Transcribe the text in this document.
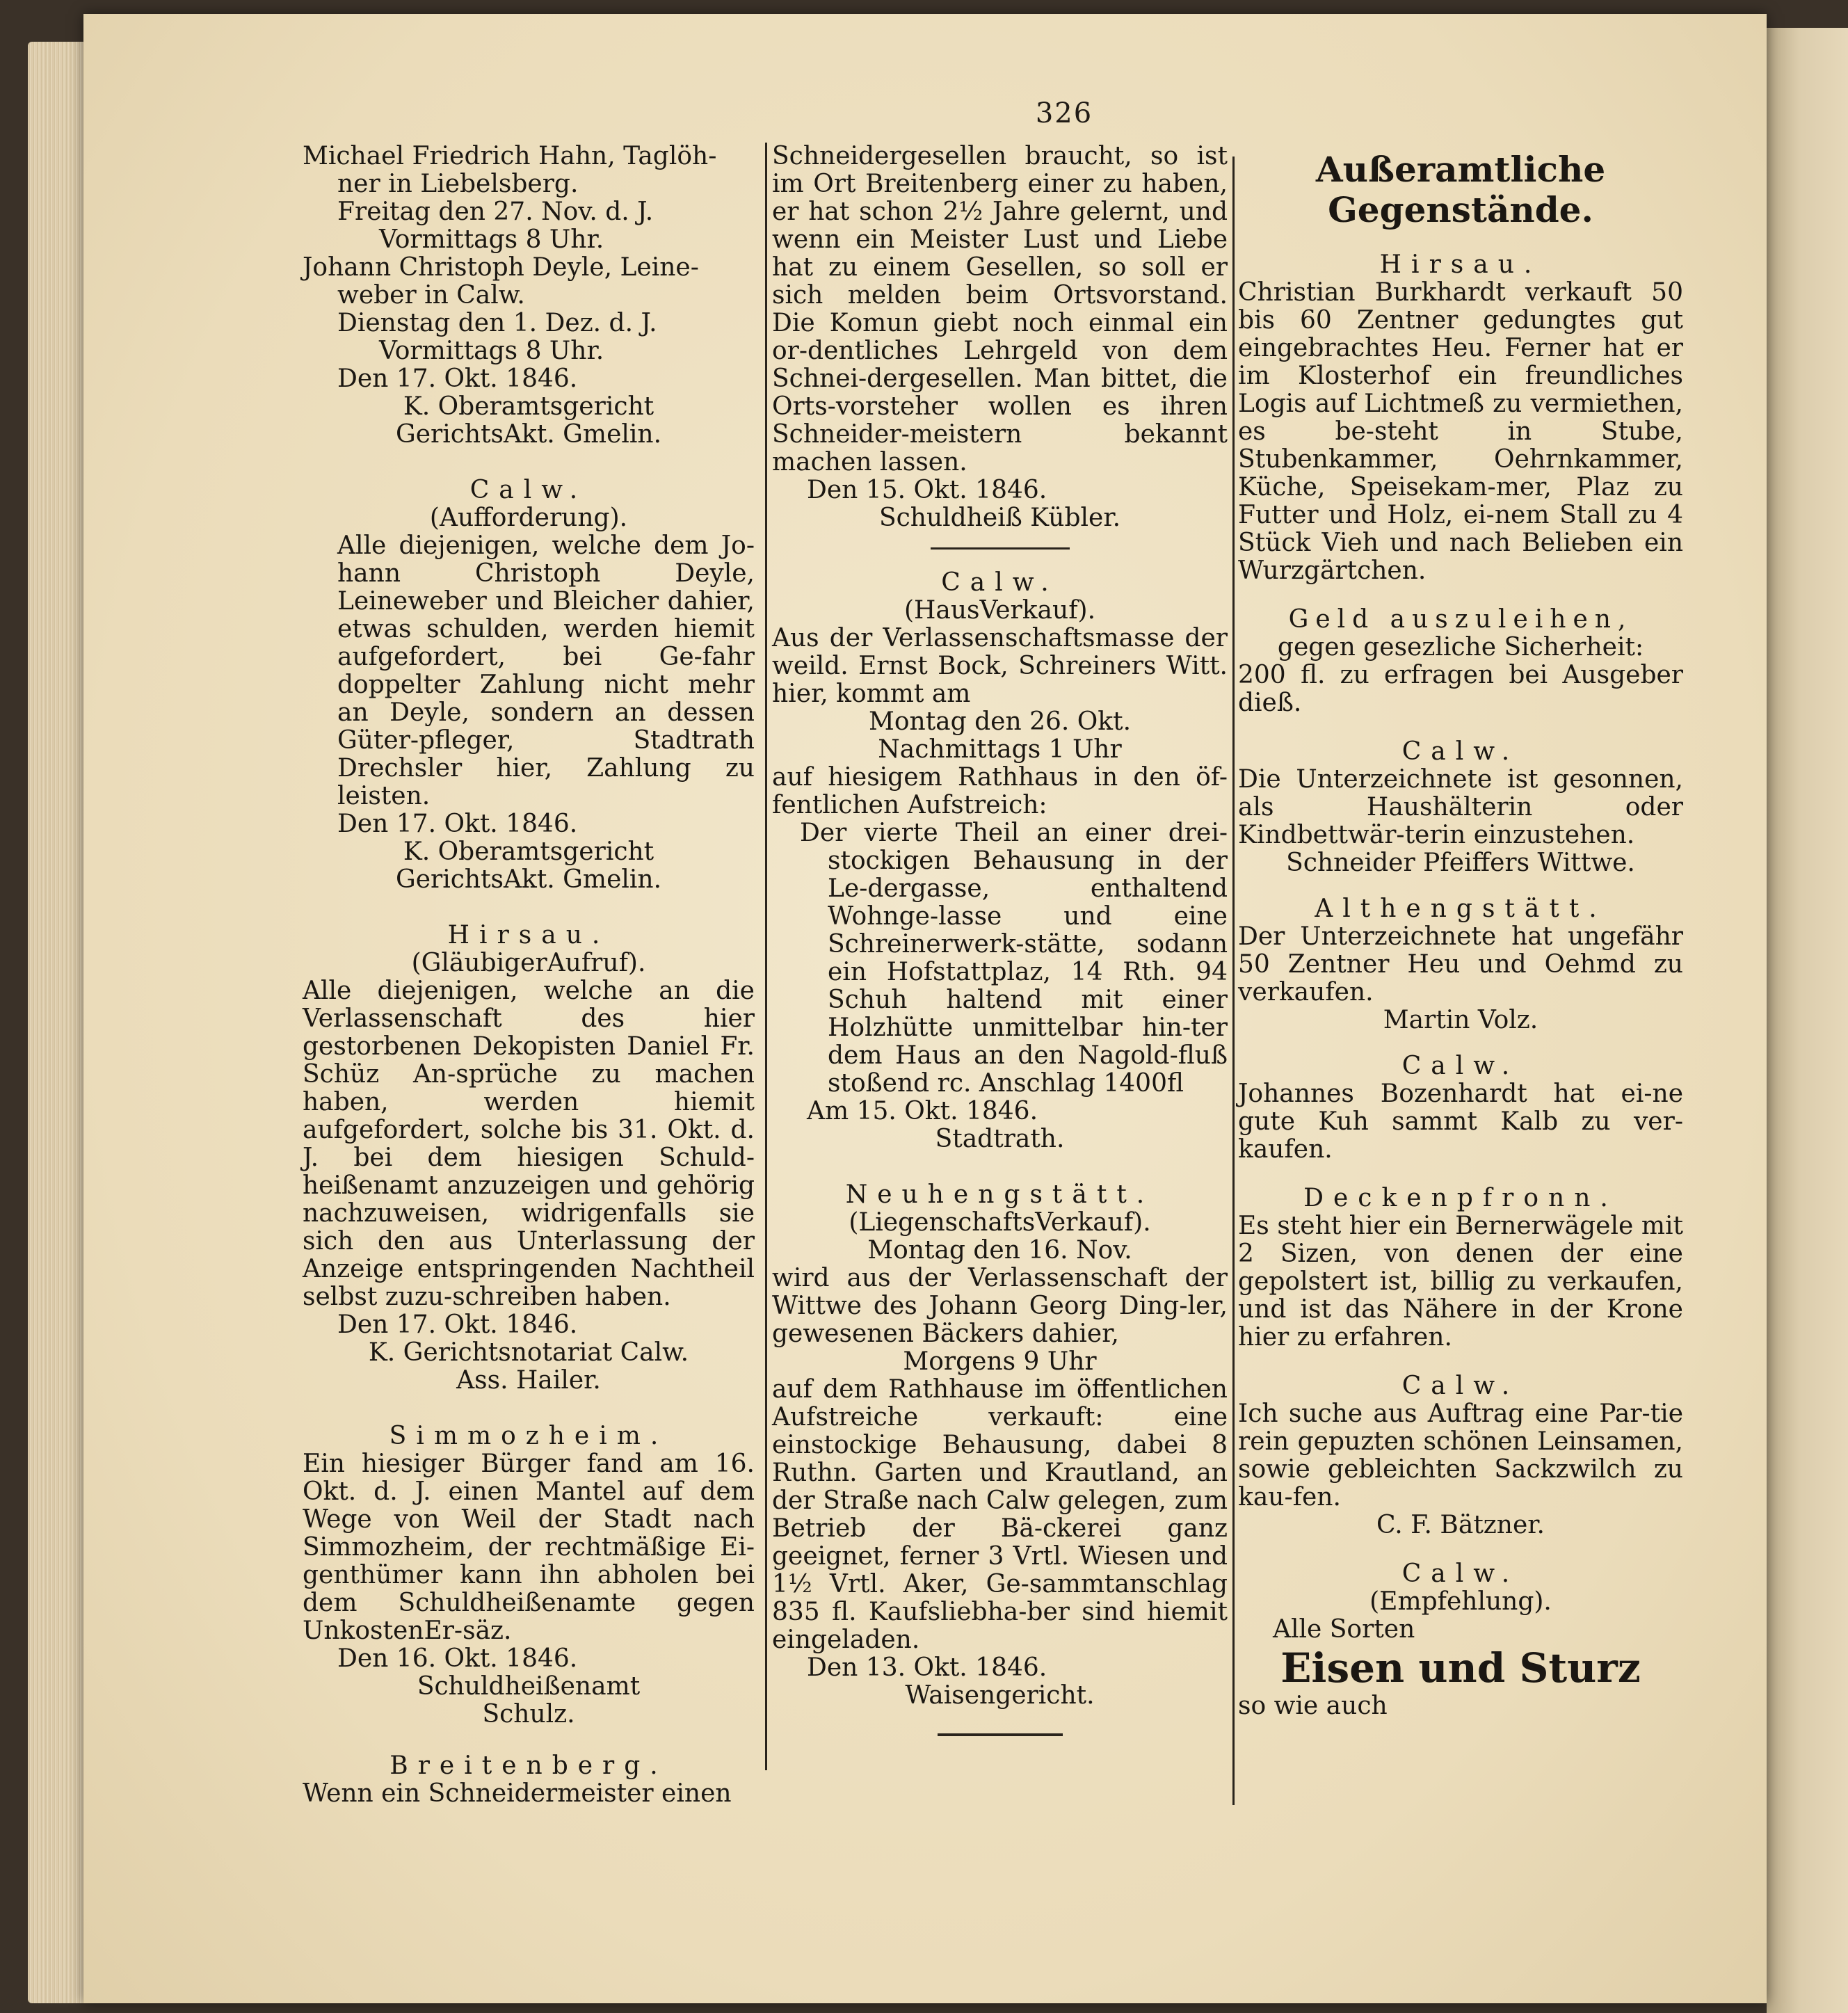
326
Michael Friedrich Hahn, Taglöh-
ner in Liebelsberg.
Freitag den 27. Nov. d. J.
Vormittags 8 Uhr.
Johann Christoph Deyle, Leine-
weber in Calw.
Dienstag den 1. Dez. d. J.
Vormittags 8 Uhr.
Den 17. Okt. 1846.
K. Oberamtsgericht
GerichtsAkt. Gmelin.
Calw.
(Aufforderung).

Alle diejenigen, welche dem Jo-hann Christoph Deyle, Leineweber und Bleicher dahier, etwas schulden, werden hiemit aufgefordert, bei Ge-fahr doppelter Zahlung nicht mehr an Deyle, sondern an dessen Güter-pfleger, Stadtrath Drechsler hier, Zahlung zu leisten.

Den 17. Okt. 1846.
K. Oberamtsgericht
GerichtsAkt. Gmelin.
Hirsau.
(GläubigerAufruf).

Alle diejenigen, welche an die Verlassenschaft des hier gestorbenen Dekopisten Daniel Fr. Schüz An-sprüche zu machen haben, werden hiemit aufgefordert, solche bis 31. Okt. d. J. bei dem hiesigen Schuld-heißenamt anzuzeigen und gehörig nachzuweisen, widrigenfalls sie sich den aus Unterlassung der Anzeige entspringenden Nachtheil selbst zuzu-schreiben haben.

Den 17. Okt. 1846.
K. Gerichtsnotariat Calw.
Ass. Hailer.
Simmozheim.

Ein hiesiger Bürger fand am 16. Okt. d. J. einen Mantel auf dem Wege von Weil der Stadt nach Simmozheim, der rechtmäßige Ei-genthümer kann ihn abholen bei dem Schuldheißenamte gegen UnkostenEr-säz.

Den 16. Okt. 1846.
Schuldheißenamt
Schulz.
Breitenberg.

Wenn ein Schneidermeister einen

Schneidergesellen braucht, so ist im Ort Breitenberg einer zu haben, er hat schon 2½ Jahre gelernt, und wenn ein Meister Lust und Liebe hat zu einem Gesellen, so soll er sich melden beim Ortsvorstand. Die Komun giebt noch einmal ein or-dentliches Lehrgeld von dem Schnei-dergesellen. Man bittet, die Orts-vorsteher wollen es ihren Schneider-meistern bekannt machen lassen.

Den 15. Okt. 1846.
Schuldheiß Kübler.
Calw.
(HausVerkauf).

Aus der Verlassenschaftsmasse der weild. Ernst Bock, Schreiners Witt. hier, kommt am

Montag den 26. Okt.
Nachmittags 1 Uhr

auf hiesigem Rathhaus in den öf-fentlichen Aufstreich:

Der vierte Theil an einer drei-stockigen Behausung in der Le-dergasse, enthaltend Wohnge-lasse und eine Schreinerwerk-stätte, sodann ein Hofstattplaz, 14 Rth. 94 Schuh haltend mit einer Holzhütte unmittelbar hin-ter dem Haus an den Nagold-fluß stoßend rc. Anschlag 1400fl

Am 15. Okt. 1846.
Stadtrath.
Neuhengstätt.
(LiegenschaftsVerkauf).
Montag den 16. Nov.

wird aus der Verlassenschaft der Wittwe des Johann Georg Ding-ler, gewesenen Bäckers dahier,

Morgens 9 Uhr

auf dem Rathhause im öffentlichen Aufstreiche verkauft: eine einstockige Behausung, dabei 8 Ruthn. Garten und Krautland, an der Straße nach Calw gelegen, zum Betrieb der Bä-ckerei ganz geeignet, ferner 3 Vrtl. Wiesen und 1½ Vrtl. Aker, Ge-sammtanschlag 835 fl. Kaufsliebha-ber sind hiemit eingeladen.

Den 13. Okt. 1846.
Waisengericht.
Außeramtliche Gegenstände.
Hirsau.

Christian Burkhardt verkauft 50 bis 60 Zentner gedungtes gut eingebrachtes Heu. Ferner hat er im Klosterhof ein freundliches Logis auf Lichtmeß zu vermiethen, es be-steht in Stube, Stubenkammer, Oehrnkammer, Küche, Speisekam-mer, Plaz zu Futter und Holz, ei-nem Stall zu 4 Stück Vieh und nach Belieben ein Wurzgärtchen.

Geld auszuleihen,
gegen gesezliche Sicherheit:

200 fl. zu erfragen bei Ausgeber dieß.

Calw.

Die Unterzeichnete ist gesonnen, als Haushälterin oder Kindbettwär-terin einzustehen.

Schneider Pfeiffers Wittwe.
Althengstätt.

Der Unterzeichnete hat ungefähr 50 Zentner Heu und Oehmd zu verkaufen.

Martin Volz.
Calw.

Johannes Bozenhardt hat ei-ne gute Kuh sammt Kalb zu ver-kaufen.

Deckenpfronn.

Es steht hier ein Bernerwägele mit 2 Sizen, von denen der eine gepolstert ist, billig zu verkaufen, und ist das Nähere in der Krone hier zu erfahren.

Calw.

Ich suche aus Auftrag eine Par-tie rein gepuzten schönen Leinsamen, sowie gebleichten Sackzwilch zu kau-fen.

C. F. Bätzner.
Calw.
(Empfehlung).
Alle Sorten
Eisen und Sturz
so wie auch
